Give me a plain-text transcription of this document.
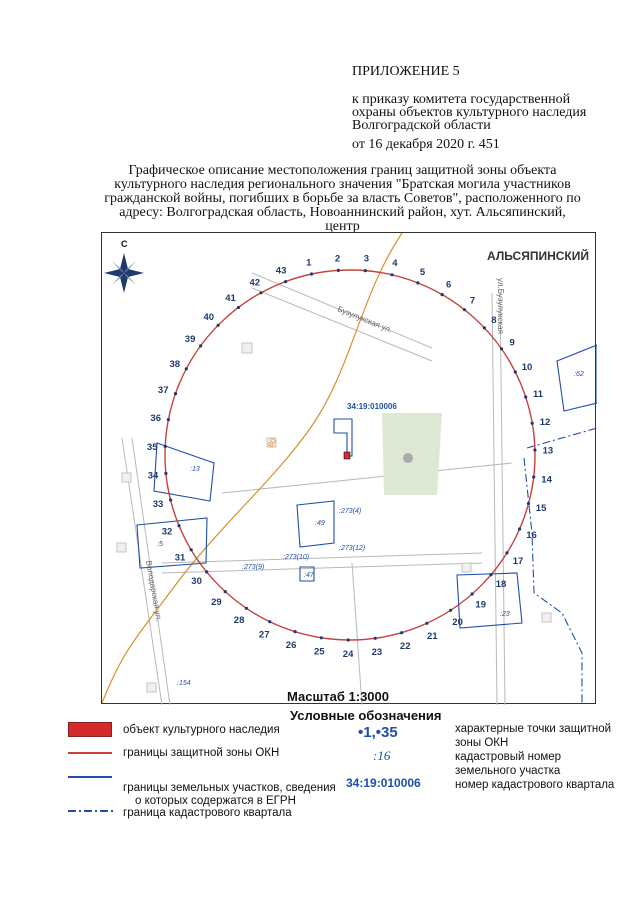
ПРИЛОЖЕНИЕ 5
к приказу комитета государственной
охраны объектов культурного наследия
Волгоградской области
от 16 декабря 2020 г. 451
Графическое описание местоположения границ защитной зоны объекта
культурного наследия регионального значения "Братская могила участников
гражданской войны, погибших в борьбе за власть Советов", расположенного по
адресу: Волгоградская область, Новоаннинский район, хут. Альсяпинский,
центр
80
1 2 3 4
5
6
7
8
9
10
11
12
13
14
15
16
17
18
19
20
21
22
23
24
25
26
27
28
29
30
31
32
33
34
35
36
37
38
39
40
41
42
43
АЛЬСЯПИНСКИЙ
Бузулукская ул.	ул.Бузулукская
Володарская ул.
34:19:010006
:13
:5
:49
:47
:23
:62
:154
:273(4)
:273(10)
:273(12)
:273(9)
Масштаб 1:3000
С
Условные обозначения
объект культурного наследия
границы защитной зоны ОКН
границы земельных участков, сведения
о которых содержатся в ЕГРН
граница кадастрового квартала
•1,•35	характерные точки защитной
зоны ОКН
:16	кадастровый номер
земельного участка
34:19:010006	номер кадастрового квартала
